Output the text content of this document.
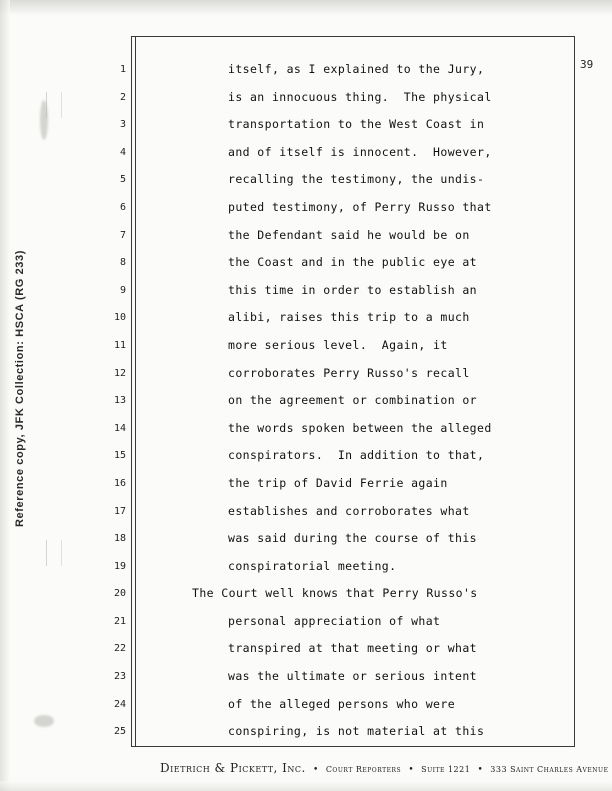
Reference copy, JFK Collection: HSCA (RG 233)
39
1
2
3
4
5
6
7
8
9
10
11
12
13
14
15
16
17
18
19
20
21
22
23
24
25
itself, as I explained to the Jury,
is an innocuous thing.  The physical
transportation to the West Coast in
and of itself is innocent.  However,
recalling the testimony, the undis-
puted testimony, of Perry Russo that
the Defendant said he would be on
the Coast and in the public eye at
this time in order to establish an
alibi, raises this trip to a much
more serious level.  Again, it
corroborates Perry Russo's recall
on the agreement or combination or
the words spoken between the alleged
conspirators.  In addition to that,
the trip of David Ferrie again
establishes and corroborates what
was said during the course of this
conspiratorial meeting.
The Court well knows that Perry Russo's
personal appreciation of what
transpired at that meeting or what
was the ultimate or serious intent
of the alleged persons who were
conspiring, is not material at this
Dietrich & Pickett, Inc. • Court Reporters • Suite 1221 • 333 Saint Charles Avenue
